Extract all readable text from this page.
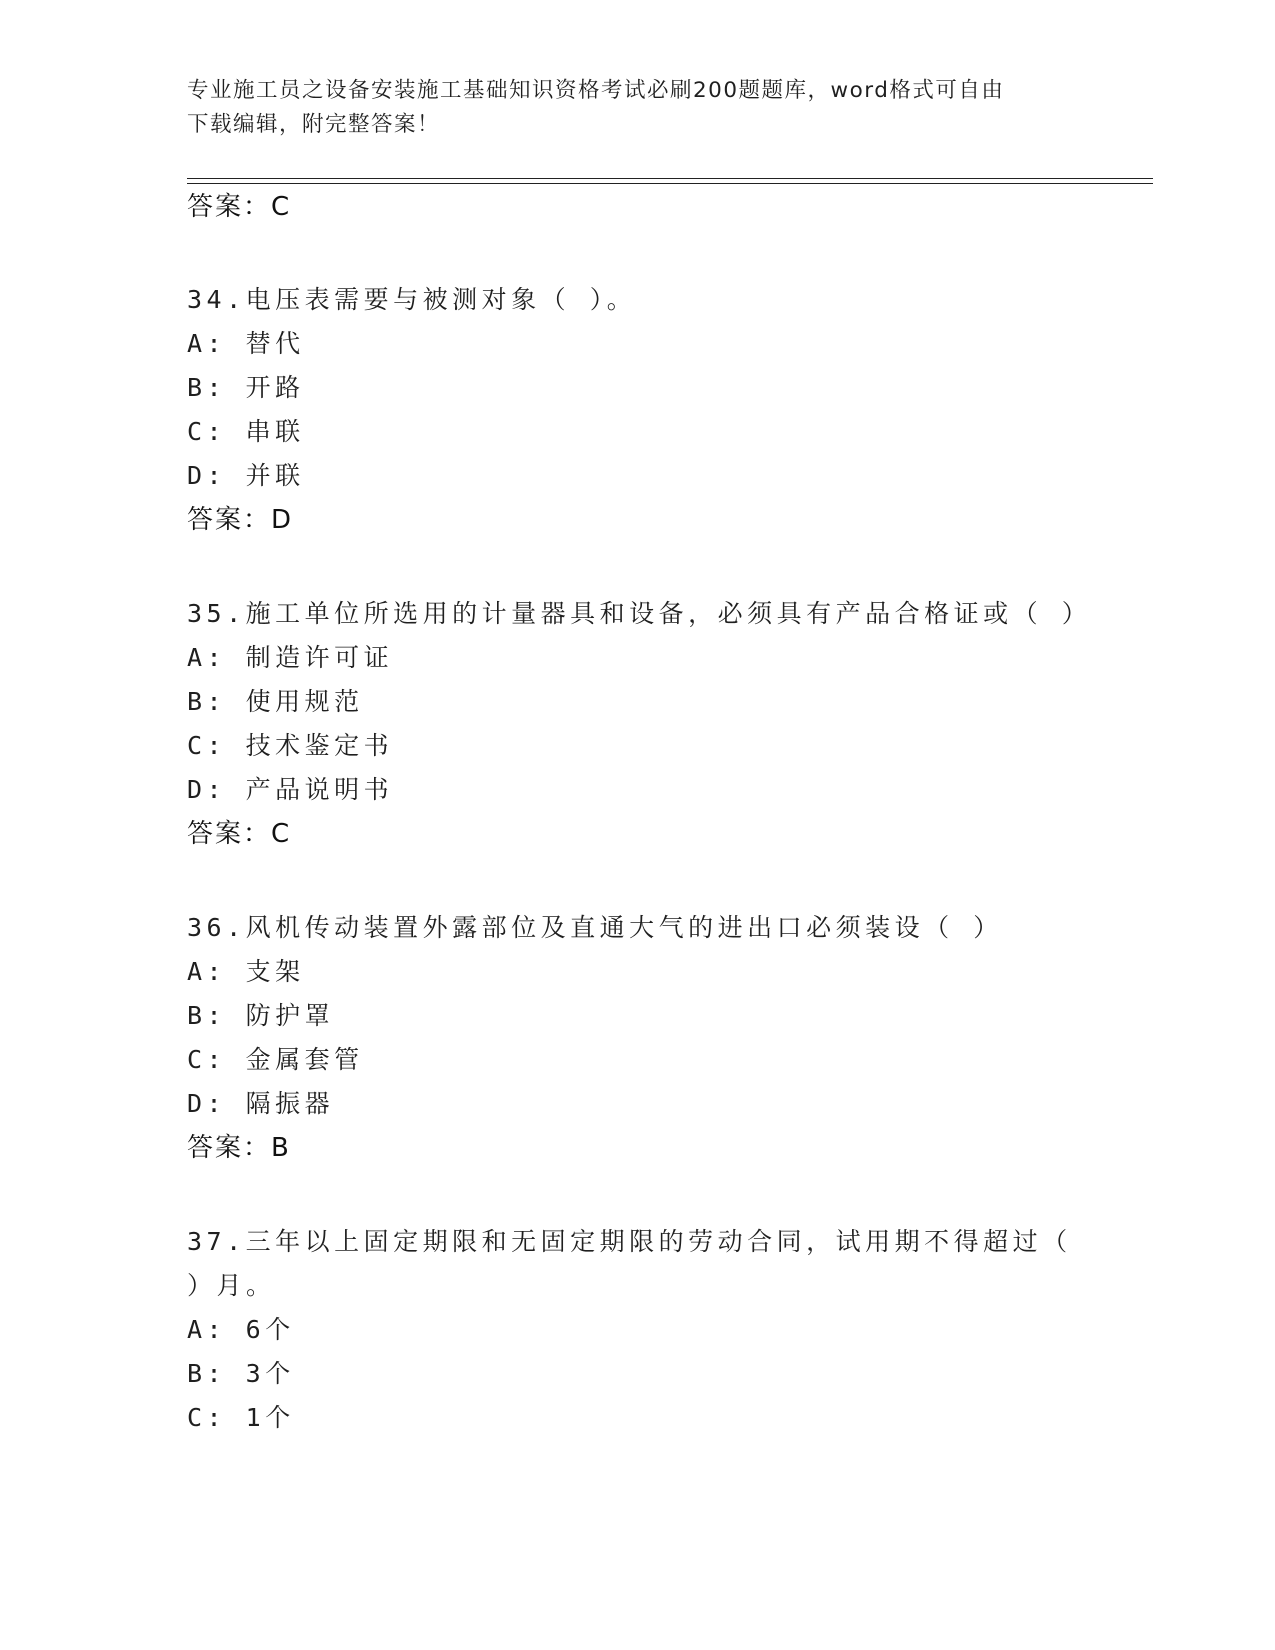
专业施工员之设备安装施工基础知识资格考试必刷200题题库，word格式可自由
下载编辑，附完整答案！
答案：C
34.电压表需要与被测对象（ ）。
A: 替代
B: 开路
C: 串联
D: 并联
答案：D
35.施工单位所选用的计量器具和设备，必须具有产品合格证或（ ）
A: 制造许可证
B: 使用规范
C: 技术鉴定书
D: 产品说明书
答案：C
36.风机传动装置外露部位及直通大气的进出口必须装设（ ）
A: 支架
B: 防护罩
C: 金属套管
D: 隔振器
答案：B
37.三年以上固定期限和无固定期限的劳动合同，试用期不得超过（
）月。
A: 6个
B: 3个
C: 1个
